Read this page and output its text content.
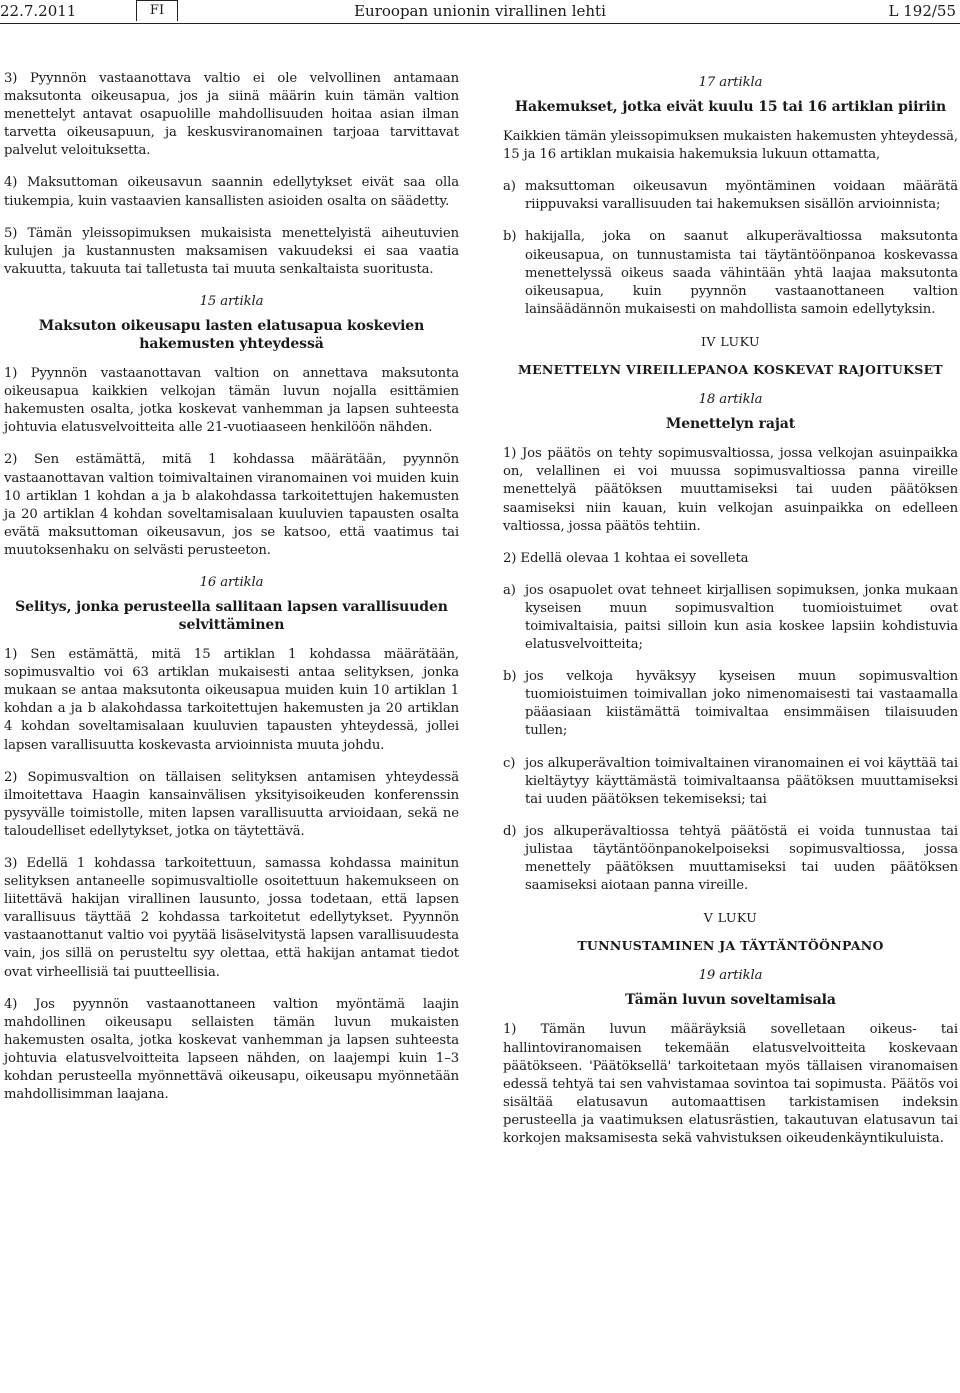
22.7.2011	FI	Euroopan unionin virallinen lehti	L 192/55

3) Pyynnön vastaanottava valtio ei ole velvollinen antamaan maksutonta oikeusapua, jos ja siinä määrin kuin tämän valtion menettelyt antavat osapuolille mahdollisuuden hoitaa asian ilman tarvetta oikeusapuun, ja keskusviranomainen tarjoaa tarvittavat palvelut veloituksetta.

4) Maksuttoman oikeusavun saannin edellytykset eivät saa olla tiukempia, kuin vastaavien kansallisten asioiden osalta on säädetty.

5) Tämän yleissopimuksen mukaisista menettelyistä aiheutuvien kulujen ja kustannusten maksamisen vakuudeksi ei saa vaatia vakuutta, takuuta tai talletusta tai muuta senkaltaista suoritusta.

15 artikla
Maksuton oikeusapu lasten elatusapua koskevien hakemusten yhteydessä

1) Pyynnön vastaanottavan valtion on annettava maksutonta oikeusapua kaikkien velkojan tämän luvun nojalla esittämien hakemusten osalta, jotka koskevat vanhemman ja lapsen suhteesta johtuvia elatusvelvoitteita alle 21-vuotiaaseen henkilöön nähden.

2) Sen estämättä, mitä 1 kohdassa määrätään, pyynnön vastaanottavan valtion toimivaltainen viranomainen voi muiden kuin 10 artiklan 1 kohdan a ja b alakohdassa tarkoitettujen hakemusten ja 20 artiklan 4 kohdan soveltamisalaan kuuluvien tapausten osalta evätä maksuttoman oikeusavun, jos se katsoo, että vaatimus tai muutoksenhaku on selvästi perusteeton.

16 artikla
Selitys, jonka perusteella sallitaan lapsen varallisuuden selvittäminen

1) Sen estämättä, mitä 15 artiklan 1 kohdassa määrätään, sopimusvaltio voi 63 artiklan mukaisesti antaa selityksen, jonka mukaan se antaa maksutonta oikeusapua muiden kuin 10 artiklan 1 kohdan a ja b alakohdassa tarkoitettujen hakemusten ja 20 artiklan 4 kohdan soveltamisalaan kuuluvien tapausten yhteydessä, jollei lapsen varallisuutta koskevasta arvioinnista muuta johdu.

2) Sopimusvaltion on tällaisen selityksen antamisen yhteydessä ilmoitettava Haagin kansainvälisen yksityisoikeuden konferenssin pysyvälle toimistolle, miten lapsen varallisuutta arvioidaan, sekä ne taloudelliset edellytykset, jotka on täytettävä.

3) Edellä 1 kohdassa tarkoitettuun, samassa kohdassa mainitun selityksen antaneelle sopimusvaltiolle osoitettuun hakemukseen on liitettävä hakijan virallinen lausunto, jossa todetaan, että lapsen varallisuus täyttää 2 kohdassa tarkoitetut edellytykset. Pyynnön vastaanottanut valtio voi pyytää lisäselvitystä lapsen varallisuudesta vain, jos sillä on perusteltu syy olettaa, että hakijan antamat tiedot ovat virheellisiä tai puutteellisia.

4) Jos pyynnön vastaanottaneen valtion myöntämä laajin mahdollinen oikeusapu sellaisten tämän luvun mukaisten hakemusten osalta, jotka koskevat vanhemman ja lapsen suhteesta johtuvia elatusvelvoitteita lapseen nähden, on laajempi kuin 1–3 kohdan perusteella myönnettävä oikeusapu, oikeusapu myönnetään mahdollisimman laajana.

17 artikla
Hakemukset, jotka eivät kuulu 15 tai 16 artiklan piiriin

Kaikkien tämän yleissopimuksen mukaisten hakemusten yhteydessä, 15 ja 16 artiklan mukaisia hakemuksia lukuun ottamatta,

a) maksuttoman oikeusavun myöntäminen voidaan määrätä riippuvaksi varallisuuden tai hakemuksen sisällön arvioinnista;
b) hakijalla, joka on saanut alkuperävaltiossa maksutonta oikeusapua, on tunnustamista tai täytäntöönpanoa koskevassa menettelyssä oikeus saada vähintään yhtä laajaa maksutonta oikeusapua, kuin pyynnön vastaanottaneen valtion lainsäädännön mukaisesti on mahdollista samoin edellytyksin.
IV LUKU
MENETTELYN VIREILLEPANOA KOSKEVAT RAJOITUKSET
18 artikla
Menettelyn rajat

1) Jos päätös on tehty sopimusvaltiossa, jossa velkojan asuinpaikka on, velallinen ei voi muussa sopimusvaltiossa panna vireille menettelyä päätöksen muuttamiseksi tai uuden päätöksen saamiseksi niin kauan, kuin velkojan asuinpaikka on edelleen valtiossa, jossa päätös tehtiin.

2) Edellä olevaa 1 kohtaa ei sovelleta

a) jos osapuolet ovat tehneet kirjallisen sopimuksen, jonka mukaan kyseisen muun sopimusvaltion tuomioistuimet ovat toimivaltaisia, paitsi silloin kun asia koskee lapsiin kohdistuvia elatusvelvoitteita;
b) jos velkoja hyväksyy kyseisen muun sopimusvaltion tuomioistuimen toimivallan joko nimenomaisesti tai vastaamalla pääasiaan kiistämättä toimivaltaa ensimmäisen tilaisuuden tullen;
c) jos alkuperävaltion toimivaltainen viranomainen ei voi käyttää tai kieltäytyy käyttämästä toimivaltaansa päätöksen muuttamiseksi tai uuden päätöksen tekemiseksi; tai
d) jos alkuperävaltiossa tehtyä päätöstä ei voida tunnustaa tai julistaa täytäntöönpanokelpoiseksi sopimusvaltiossa, jossa menettely päätöksen muuttamiseksi tai uuden päätöksen saamiseksi aiotaan panna vireille.
V LUKU
TUNNUSTAMINEN JA TÄYTÄNTÖÖNPANO
19 artikla
Tämän luvun soveltamisala

1) Tämän luvun määräyksiä sovelletaan oikeus- tai hallintoviranomaisen tekemään elatusvelvoitteita koskevaan päätökseen. 'Päätöksellä' tarkoitetaan myös tällaisen viranomaisen edessä tehtyä tai sen vahvistamaa sovintoa tai sopimusta. Päätös voi sisältää elatusavun automaattisen tarkistamisen indeksin perusteella ja vaatimuksen elatusrästien, takautuvan elatusavun tai korkojen maksamisesta sekä vahvistuksen oikeudenkäyntikuluista.
